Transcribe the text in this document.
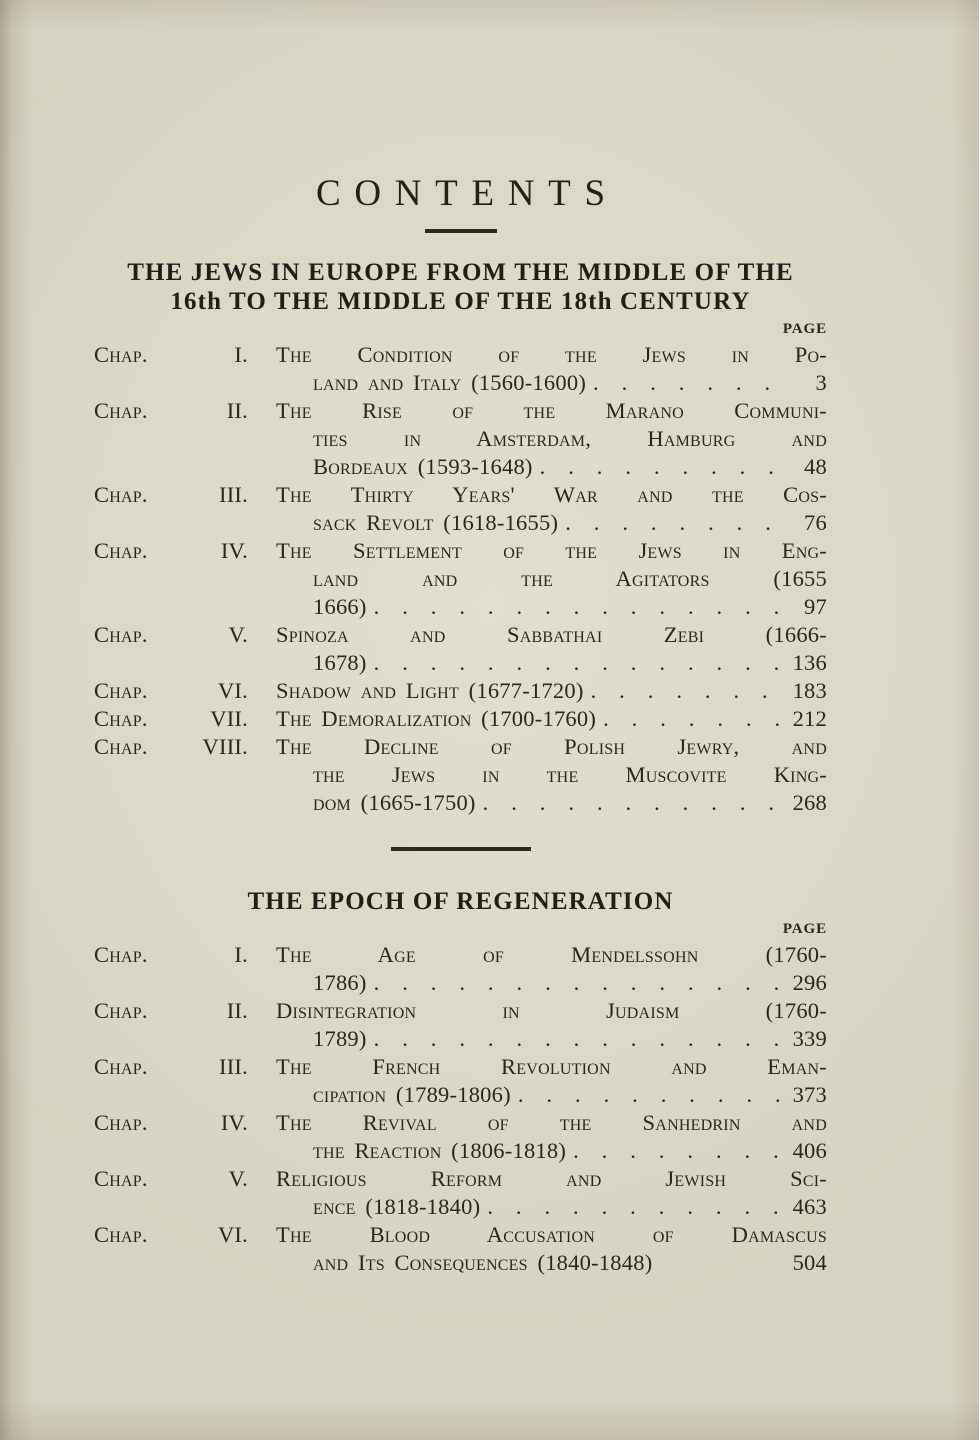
CONTENTS
THE JEWS IN EUROPE FROM THE MIDDLE OF THE
16th TO THE MIDDLE OF THE 18th CENTURY
PAGE
Chap.	I. The Condition of the Jews in Po-
land and Italy (1560-1600) . . .	3
Chap.	II. The Rise of the Marano Communi-
ties in Amsterdam, Hamburg and
Bordeaux (1593-1648) . . .	48
Chap.	III. The Thirty Years' War and the Cos-
sack Revolt (1618-1655) . . .	76
Chap.	IV. The Settlement of the Jews in Eng-
land and the Agitators (1655
1666) . . .	97
Chap.	V. Spinoza and Sabbathai Zebi (1666-
1678) . . .	136
Chap.	VI. Shadow and Light (1677-1720) . . .	183
Chap.	VII. The Demoralization (1700-1760) . . .	212
Chap.	VIII. The Decline of Polish Jewry, and
the Jews in the Muscovite King-
dom (1665-1750) . . .	268
THE EPOCH OF REGENERATION
PAGE
Chap.	I. The Age of Mendelssohn (1760-
1786) . . .	296
Chap.	II. Disintegration in Judaism (1760-
1789) . . .	339
Chap.	III. The French Revolution and Eman-
cipation (1789-1806) . . .	373
Chap.	IV. The Revival of the Sanhedrin and
the Reaction (1806-1818) . . .	406
Chap.	V. Religious Reform and Jewish Sci-
ence (1818-1840) . . .	463
Chap.	VI. The Blood Accusation of Damascus
and Its Consequences (1840-1848)	504
